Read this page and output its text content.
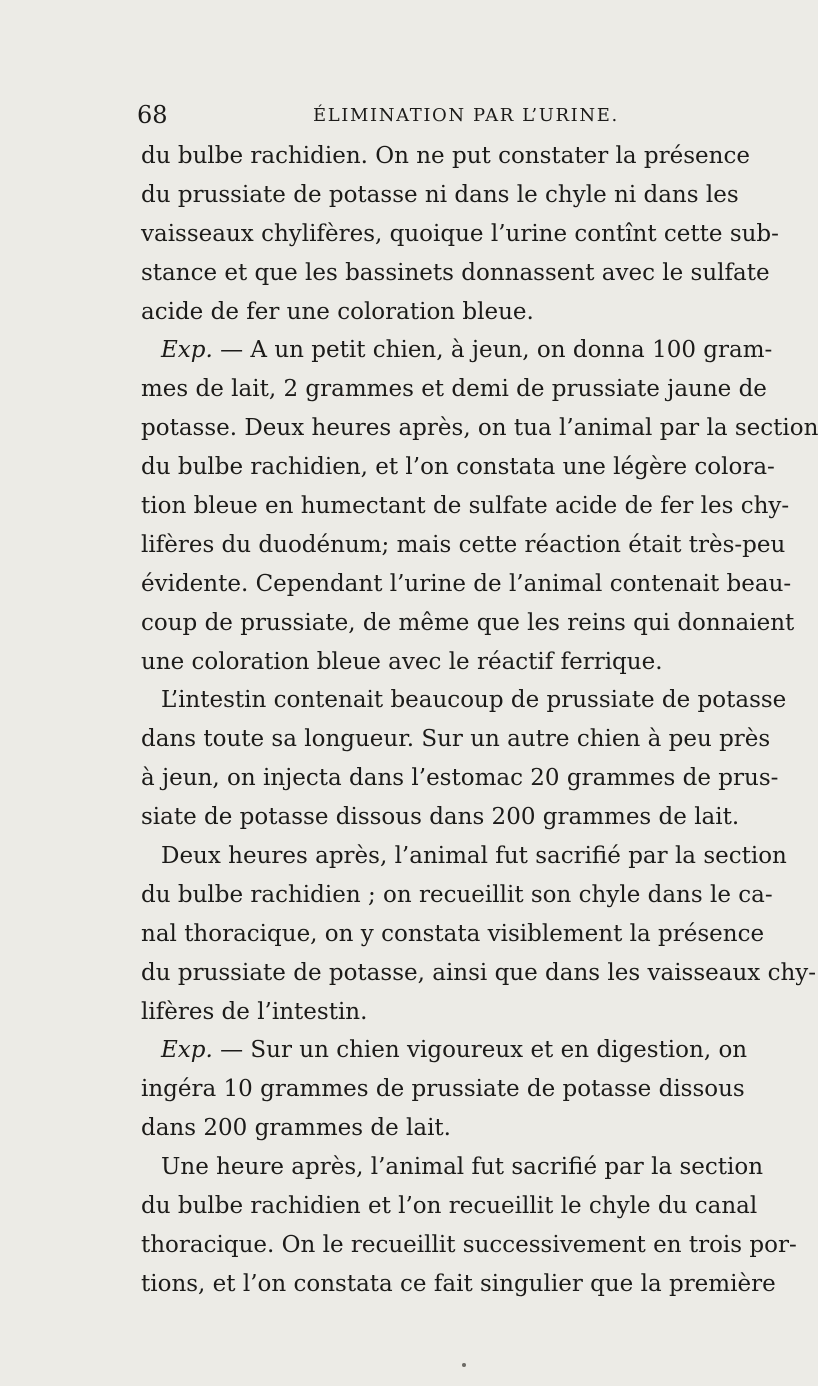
68	ÉLIMINATION PAR L’URINE.
du bulbe rachidien. On ne put constater la présence
du prussiate de potasse ni dans le chyle ni dans les
vaisseaux chylifères, quoique l’urine contînt cette sub-
stance et que les bassinets donnassent avec le sulfate
acide de fer une coloration bleue.
Exp. — A un petit chien, à jeun, on donna 100 gram-
mes de lait, 2 grammes et demi de prussiate jaune de
potasse. Deux heures après, on tua l’animal par la section
du bulbe rachidien, et l’on constata une légère colora-
tion bleue en humectant de sulfate acide de fer les chy-
lifères du duodénum; mais cette réaction était très-peu
évidente. Cependant l’urine de l’animal contenait beau-
coup de prussiate, de même que les reins qui donnaient
une coloration bleue avec le réactif ferrique.
L’intestin contenait beaucoup de prussiate de potasse
dans toute sa longueur. Sur un autre chien à peu près
à jeun, on injecta dans l’estomac 20 grammes de prus-
siate de potasse dissous dans 200 grammes de lait.
Deux heures après, l’animal fut sacrifié par la section
du bulbe rachidien ; on recueillit son chyle dans le ca-
nal thoracique, on y constata visiblement la présence
du prussiate de potasse, ainsi que dans les vaisseaux chy-
lifères de l’intestin.
Exp. — Sur un chien vigoureux et en digestion, on
ingéra 10 grammes de prussiate de potasse dissous
dans 200 grammes de lait.
Une heure après, l’animal fut sacrifié par la section
du bulbe rachidien et l’on recueillit le chyle du canal
thoracique. On le recueillit successivement en trois por-
tions, et l’on constata ce fait singulier que la première
